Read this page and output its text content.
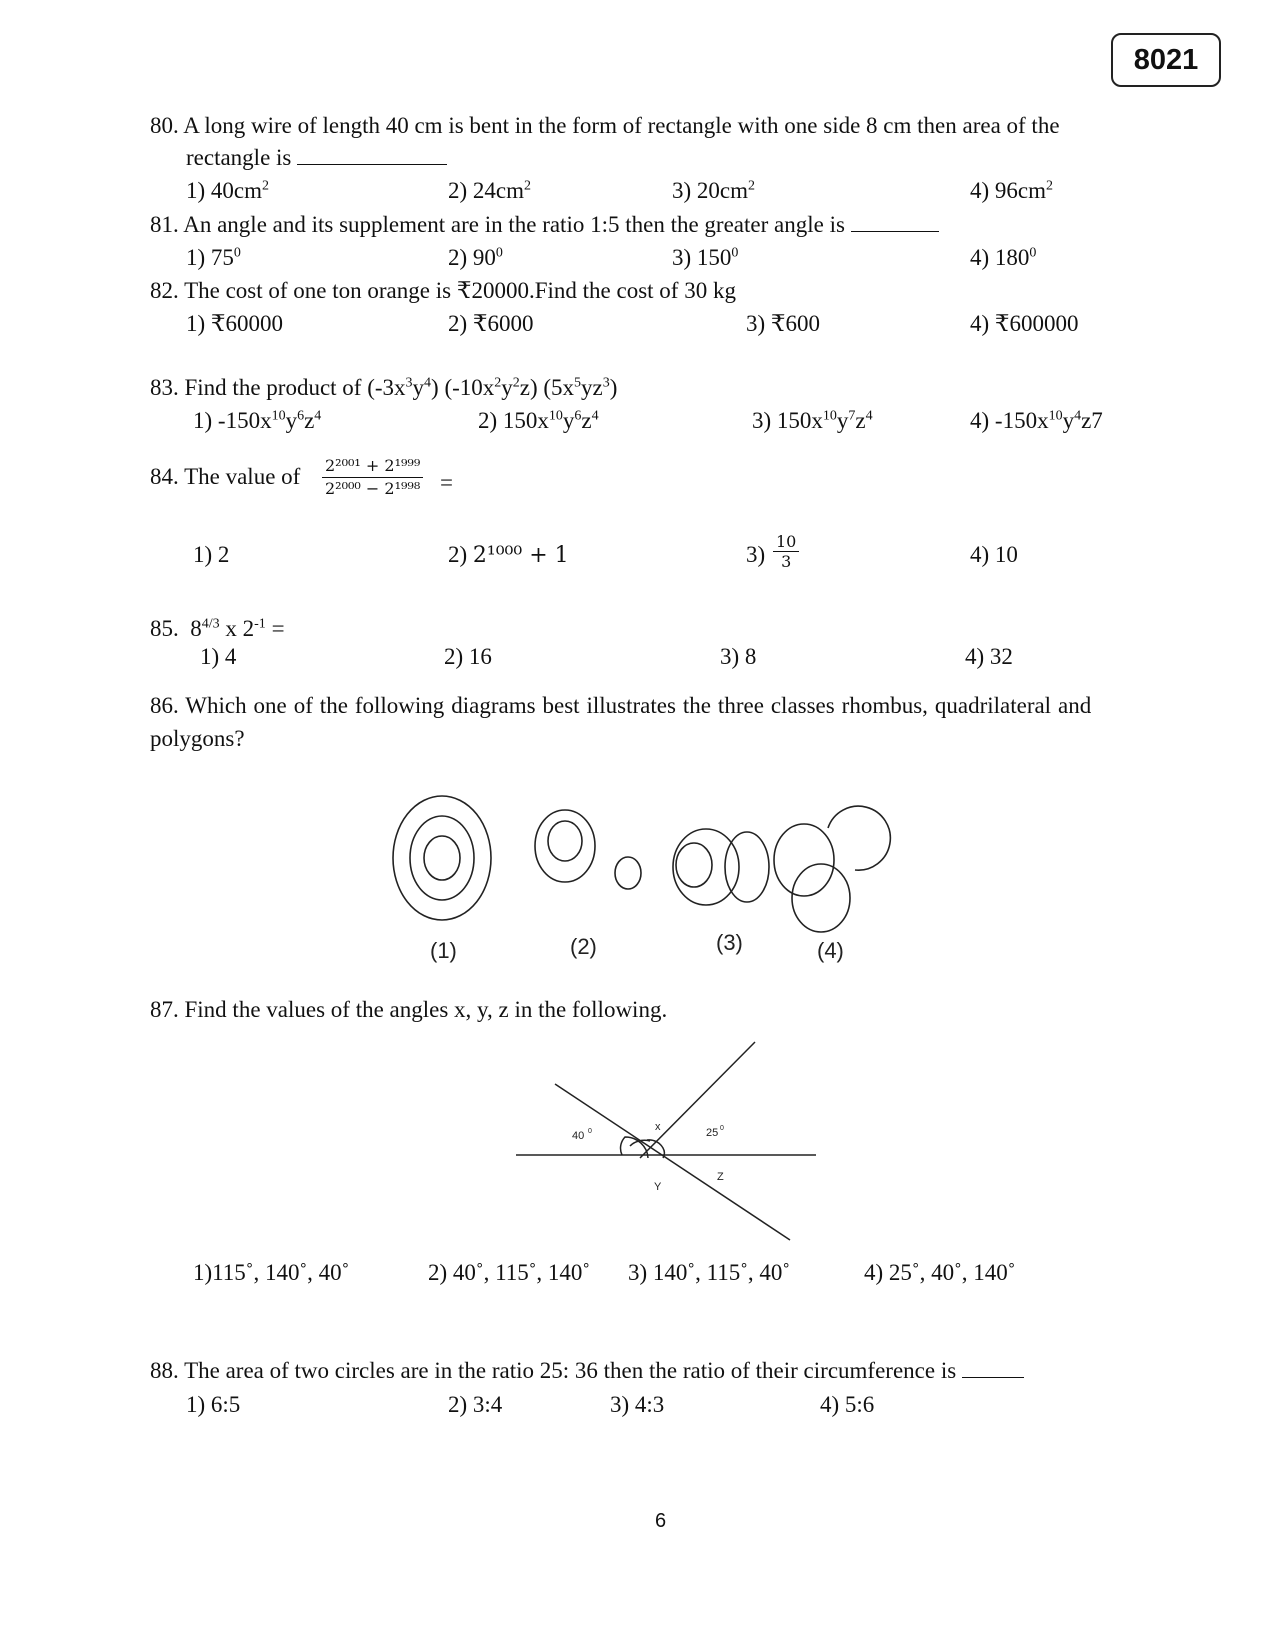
8021
80. A long wire of length 40 cm is bent in the form of rectangle with one side 8 cm then area of the
rectangle is
1) $40cm^2$	2) $24cm^2$	3) $20cm^2$	4) $96cm^2$
81. An angle and its supplement are in the ratio 1:5 then the greater angle is
1) $75^0$	2) $90^0$	3) $150^0$	4) $180^0$
82. The cost of one ton orange is ₹20000.Find the cost of 30 kg
1) ₹60000	2) ₹6000	3) ₹600	4) ₹600000
83. Find the product of $(-3x^3y^4)$ $(-10x^2y^2z)$ $(5x^5yz^3)$
1) $-150x^{10}y^6z^4$	2) $150x^{10}y^6z^4$	3) $150x^{10}y^7z^4$	4) $-150x^{10}y^4z7$
84. The value of $\frac{\text{2²⁰⁰¹ + 2¹⁹⁹⁹}}{\text{2²⁰⁰⁰ − 2¹⁹⁹⁸}}$ =
1) 2	2) 2¹⁰⁰⁰ + 1	$3) \frac{10}{3}$	4) 10
85.  $8^{4/3}$ x $2^{-1}$ =
1) 4	2) 16	3) 8	4) 32
86. Which one of the following diagrams best illustrates the three classes rhombus, quadrilateral and
polygons?
(1)	(2)	(3)	(4)
87. Find the values of the angles x, y, z in the following.
40 0	x	25 0
Y
Z
1)115˚, 140˚, 40˚	2) 40˚, 115˚, 140˚ 3) 140˚, 115˚, 40˚	4) 25˚, 40˚, 140˚
88. The area of two circles are in the ratio 25: 36 then the ratio of their circumference is
1) 6:5	2) 3:4	3) 4:3	4) 5:6
6
